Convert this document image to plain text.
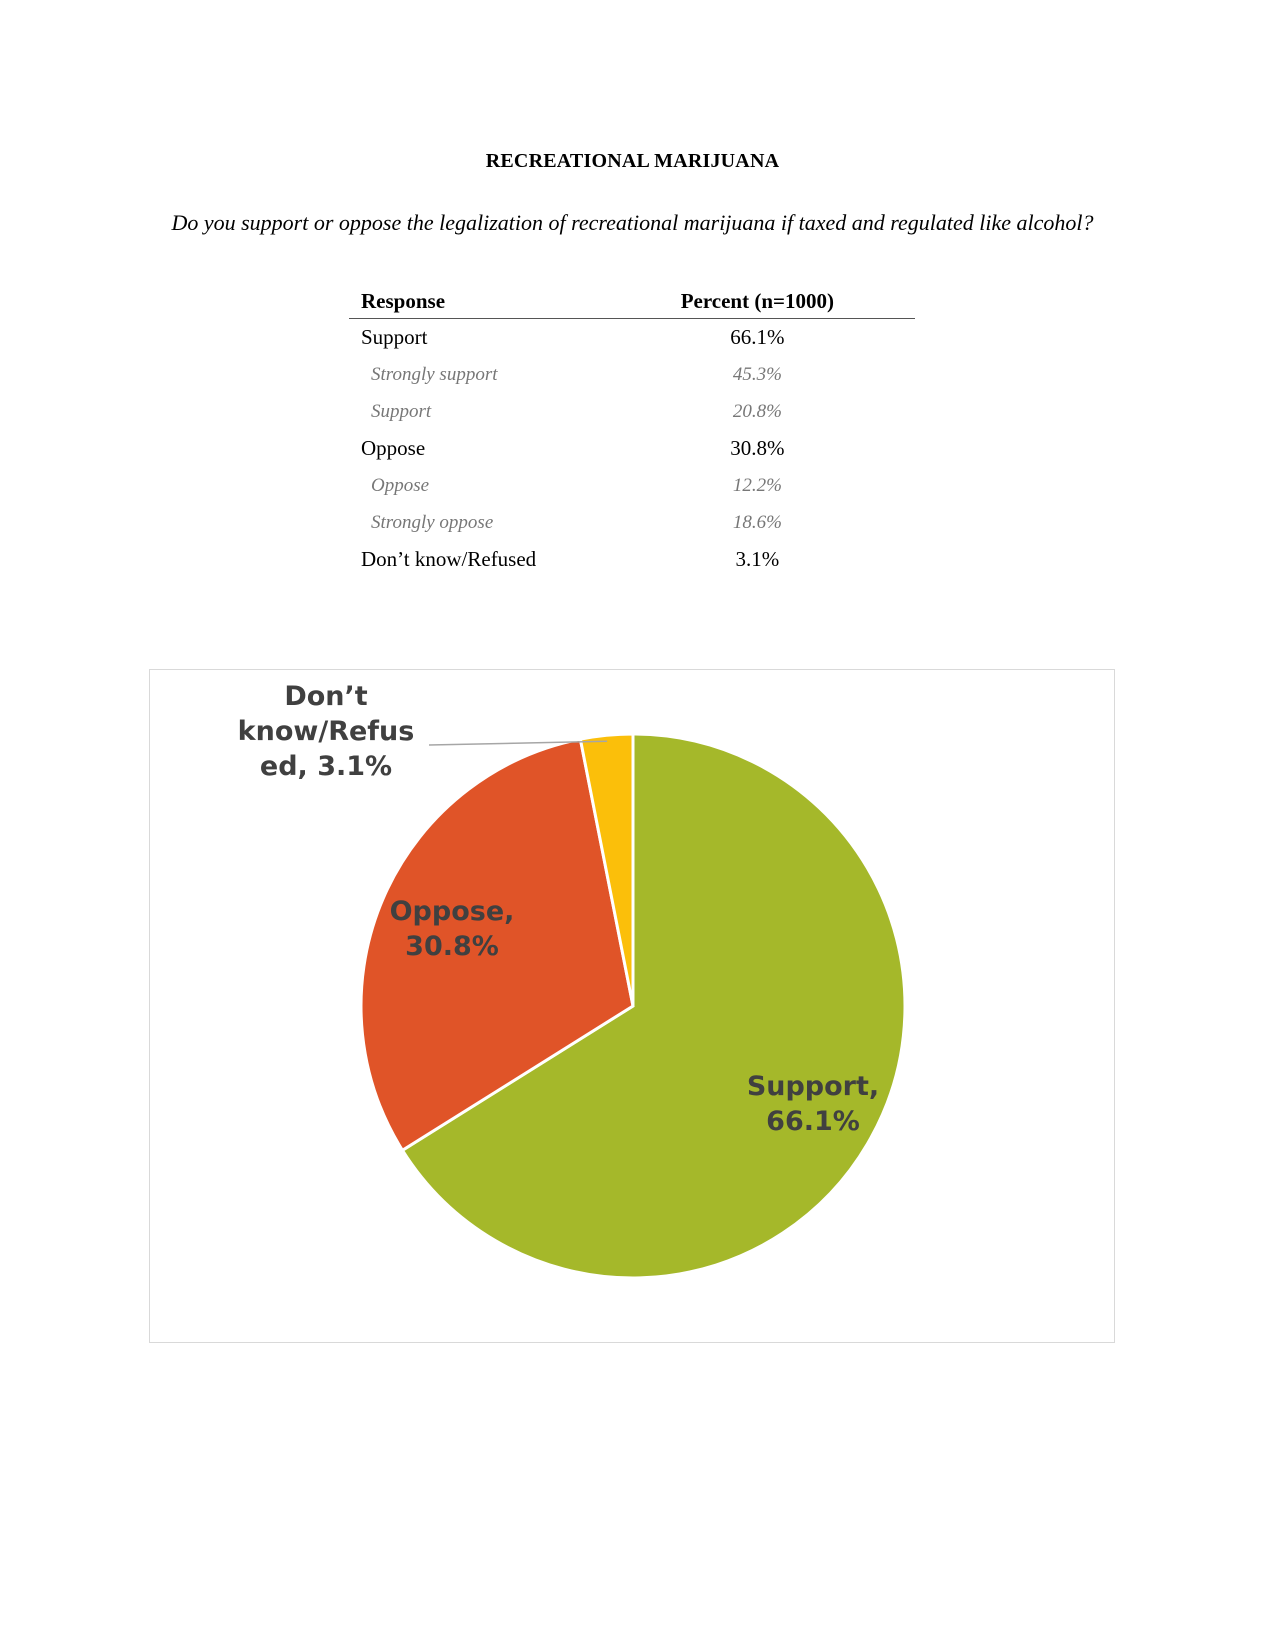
RECREATIONAL MARIJUANA
Do you support or oppose the legalization of recreational marijuana if taxed and regulated like alcohol?
Response	Percent (n=1000)
Support	66.1%
Strongly support	45.3%
Support	20.8%
Oppose	30.8%
Oppose	12.2%
Strongly oppose	18.6%
Don’t know/Refused	3.1%
Support, 66.1%
Oppose, 30.8%
Don’t know/Refus ed, 3.1%
